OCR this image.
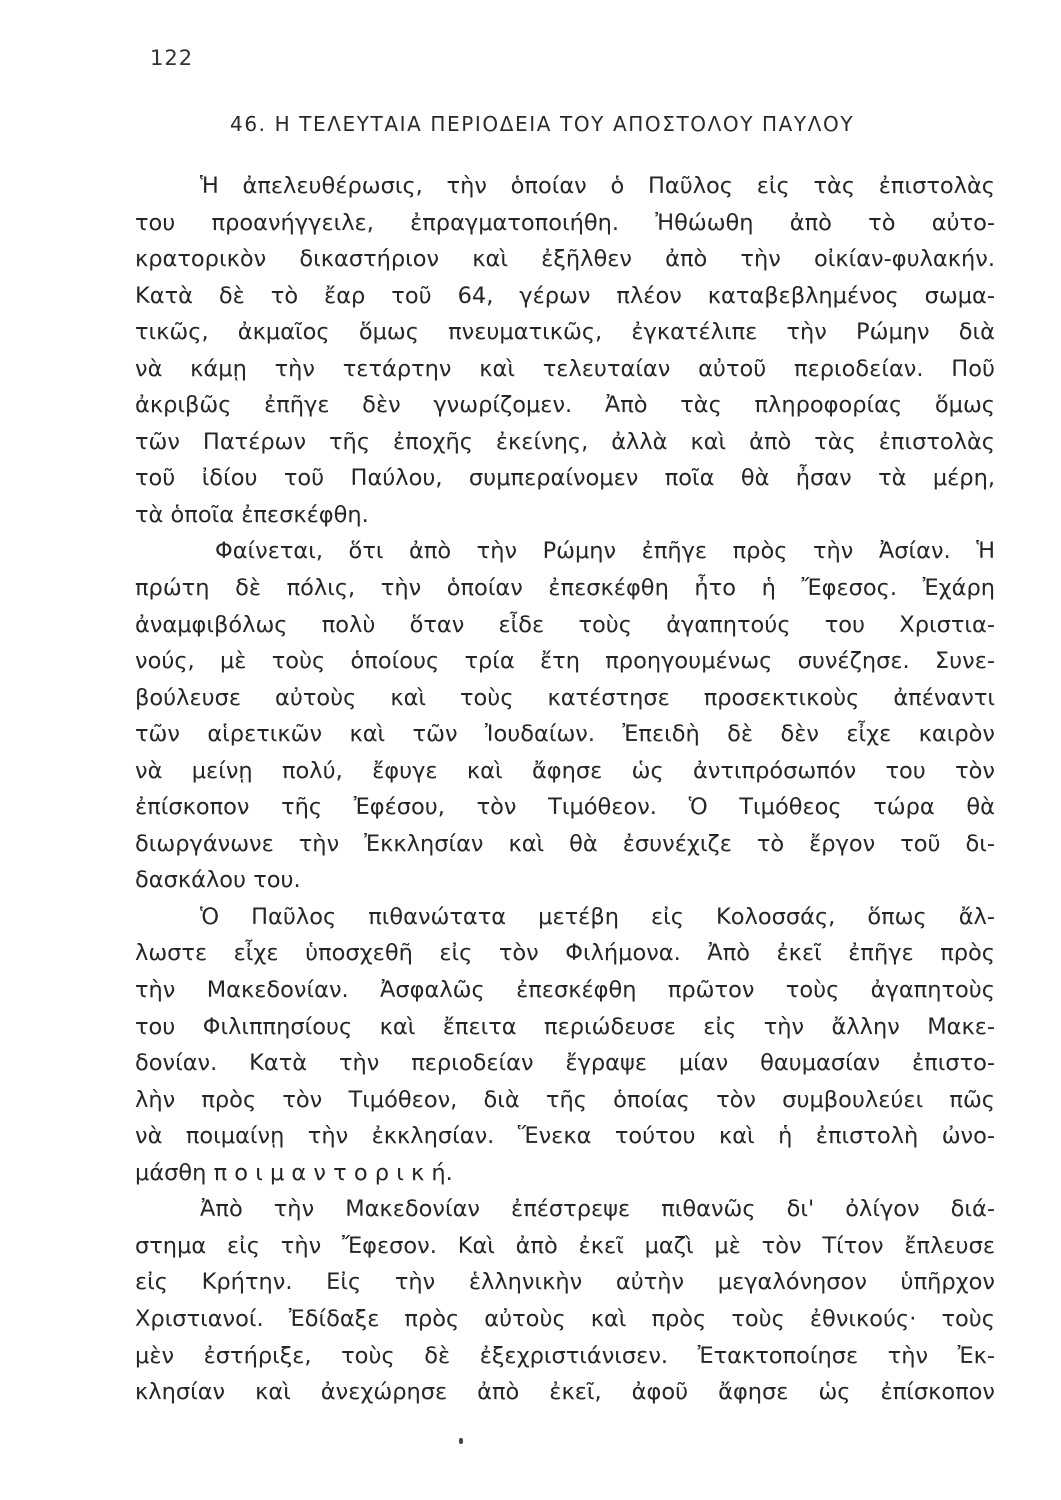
122
46. Η ΤΕΛΕΥΤΑΙΑ ΠΕΡΙΟΔΕΙΑ ΤΟΥ ΑΠΟΣΤΟΛΟΥ ΠΑΥΛΟΥ
Ἡ ἀπελευθέρωσις, τὴν ὁποίαν ὁ Παῦλος εἰς τὰς ἐπιστολὰς
του προανήγγειλε, ἐπραγματοποιήθη. Ἠθώωθη ἀπὸ τὸ αὐτο-
κρατορικὸν δικαστήριον καὶ ἐξῆλθεν ἀπὸ τὴν οἰκίαν-φυλακήν.
Κατὰ δὲ τὸ ἔαρ τοῦ 64, γέρων πλέον καταβεβλημένος σωμα-
τικῶς, ἀκμαῖος ὅμως πνευματικῶς, ἐγκατέλιπε τὴν Ρώμην διὰ
νὰ κάμῃ τὴν τετάρτην καὶ τελευταίαν αὐτοῦ περιοδείαν. Ποῦ
ἀκριβῶς ἐπῆγε δὲν γνωρίζομεν. Ἀπὸ τὰς πληροφορίας ὅμως
τῶν Πατέρων τῆς ἐποχῆς ἐκείνης, ἀλλὰ καὶ ἀπὸ τὰς ἐπιστολὰς
τοῦ ἰδίου τοῦ Παύλου, συμπεραίνομεν ποῖα θὰ ἦσαν τὰ μέρη,
τὰ ὁποῖα ἐπεσκέφθη.
Φαίνεται, ὅτι ἀπὸ τὴν Ρώμην ἐπῆγε πρὸς τὴν Ἀσίαν. Ἡ
πρώτη δὲ πόλις, τὴν ὁποίαν ἐπεσκέφθη ἦτο ἡ Ἔφεσος. Ἐχάρη
ἀναμφιβόλως πολὺ ὅταν εἶδε τοὺς ἀγαπητούς του Χριστια-
νούς, μὲ τοὺς ὁποίους τρία ἔτη προηγουμένως συνέζησε. Συνε-
βούλευσε αὐτοὺς καὶ τοὺς κατέστησε προσεκτικοὺς ἀπέναντι
τῶν αἱρετικῶν καὶ τῶν Ἰουδαίων. Ἐπειδὴ δὲ δὲν εἶχε καιρὸν
νὰ μείνῃ πολύ, ἔφυγε καὶ ἄφησε ὡς ἀντιπρόσωπόν του τὸν
ἐπίσκοπον τῆς Ἐφέσου, τὸν Τιμόθεον. Ὁ Τιμόθεος τώρα θὰ
διωργάνωνε τὴν Ἐκκλησίαν καὶ θὰ ἐσυνέχιζε τὸ ἔργον τοῦ δι-
δασκάλου του.
Ὁ Παῦλος πιθανώτατα μετέβη εἰς Κολοσσάς, ὅπως ἄλ-
λωστε εἶχε ὑποσχεθῆ εἰς τὸν Φιλήμονα. Ἀπὸ ἐκεῖ ἐπῆγε πρὸς
τὴν Μακεδονίαν. Ἀσφαλῶς ἐπεσκέφθη πρῶτον τοὺς ἀγαπητοὺς
του Φιλιππησίους καὶ ἔπειτα περιώδευσε εἰς τὴν ἄλλην Μακε-
δονίαν. Κατὰ τὴν περιοδείαν ἔγραψε μίαν θαυμασίαν ἐπιστο-
λὴν πρὸς τὸν Τιμόθεον, διὰ τῆς ὁποίας τὸν συμβουλεύει πῶς
νὰ ποιμαίνῃ τὴν ἐκκλησίαν. Ἕνεκα τούτου καὶ ἡ ἐπιστολὴ ὠνο-
μάσθη π ο ι μ α ν τ ο ρ ι κ ή.
Ἀπὸ τὴν Μακεδονίαν ἐπέστρεψε πιθανῶς δι' ὀλίγον διά-
στημα εἰς τὴν Ἔφεσον. Καὶ ἀπὸ ἐκεῖ μαζὶ μὲ τὸν Τίτον ἔπλευσε
εἰς Κρήτην. Εἰς τὴν ἑλληνικὴν αὐτὴν μεγαλόνησον ὑπῆρχον
Χριστιανοί. Ἐδίδαξε πρὸς αὐτοὺς καὶ πρὸς τοὺς ἐθνικούς· τοὺς
μὲν ἐστήριξε, τοὺς δὲ ἐξεχριστιάνισεν. Ἐτακτοποίησε τὴν Ἐκ-
κλησίαν καὶ ἀνεχώρησε ἀπὸ ἐκεῖ, ἀφοῦ ἄφησε ὡς ἐπίσκοπον
